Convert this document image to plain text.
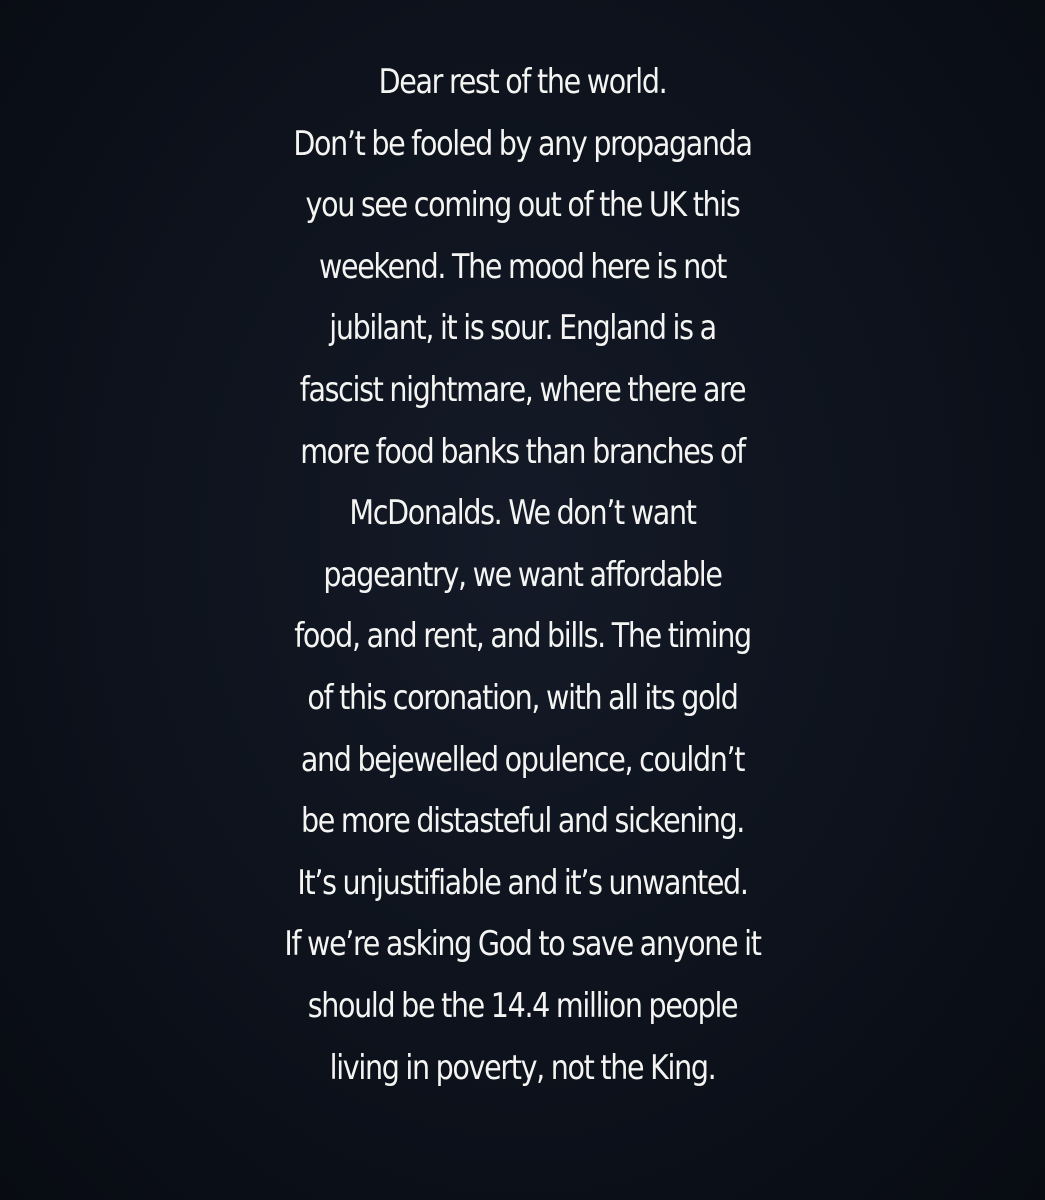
Dear rest of the world.
Don’t be fooled by any propaganda
you see coming out of the UK this
weekend. The mood here is not
jubilant, it is sour. England is a
fascist nightmare, where there are
more food banks than branches of
McDonalds. We don’t want
pageantry, we want affordable
food, and rent, and bills. The timing
of this coronation, with all its gold
and bejewelled opulence, couldn’t
be more distasteful and sickening.
It’s unjustifiable and it’s unwanted.
If we’re asking God to save anyone it
should be the 14.4 million people
living in poverty, not the King.
